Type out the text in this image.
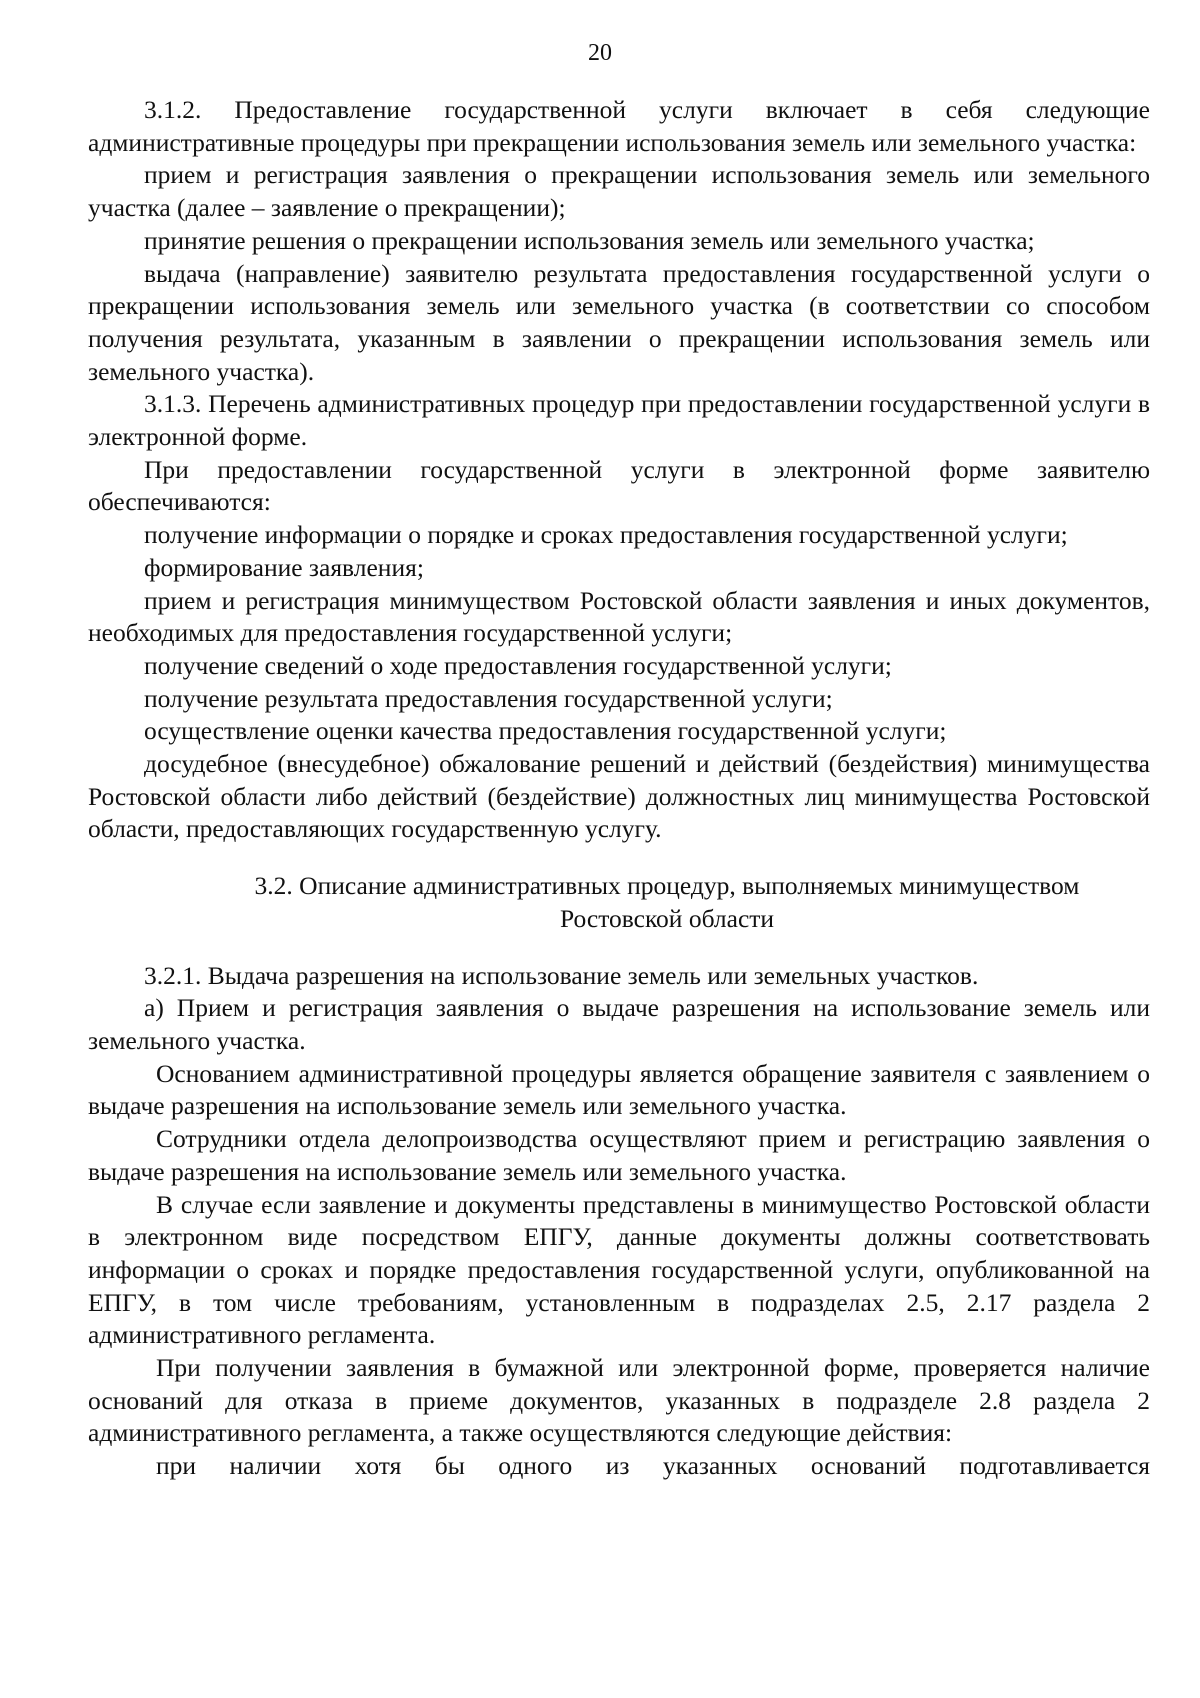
20

3.1.2. Предоставление государственной услуги включает в себя следующие административные процедуры при прекращении использования земель или земельного участка:

прием и регистрация заявления о прекращении использования земель или земельного участка (далее – заявление о прекращении);

принятие решения о прекращении использования земель или земельного участка;

выдача (направление) заявителю результата предоставления государственной услуги о прекращении использования земель или земельного участка (в соответствии со способом получения результата, указанным в заявлении о прекращении использования земель или земельного участка).

3.1.3. Перечень административных процедур при предоставлении государственной услуги в электронной форме.

При предоставлении государственной услуги в электронной форме заявителю обеспечиваются:

получение информации о порядке и сроках предоставления государственной услуги;

формирование заявления;

прием и регистрация минимуществом Ростовской области заявления и иных документов, необходимых для предоставления государственной услуги;

получение сведений о ходе предоставления государственной услуги;

получение результата предоставления государственной услуги;

осуществление оценки качества предоставления государственной услуги;

досудебное (внесудебное) обжалование решений и действий (бездействия) минимущества Ростовской области либо действий (бездействие) должностных лиц минимущества Ростовской области, предоставляющих государственную услугу.

3.2. Описание административных процедур, выполняемых минимуществом Ростовской области

3.2.1. Выдача разрешения на использование земель или земельных участков.

а) Прием и регистрация заявления о выдаче разрешения на использование земель или земельного участка.

Основанием административной процедуры является обращение заявителя с заявлением о выдаче разрешения на использование земель или земельного участка.

Сотрудники отдела делопроизводства осуществляют прием и регистрацию заявления о выдаче разрешения на использование земель или земельного участка.

В случае если заявление и документы представлены в минимущество Ростовской области в электронном виде посредством ЕПГУ, данные документы должны соответствовать информации о сроках и порядке предоставления государственной услуги, опубликованной на ЕПГУ, в том числе требованиям, установленным в подразделах 2.5, 2.17 раздела 2 административного регламента.

При получении заявления в бумажной или электронной форме, проверяется наличие оснований для отказа в приеме документов, указанных в подразделе 2.8 раздела 2 административного регламента, а также осуществляются следующие действия:

при наличии хотя бы одного из указанных оснований подготавливается
